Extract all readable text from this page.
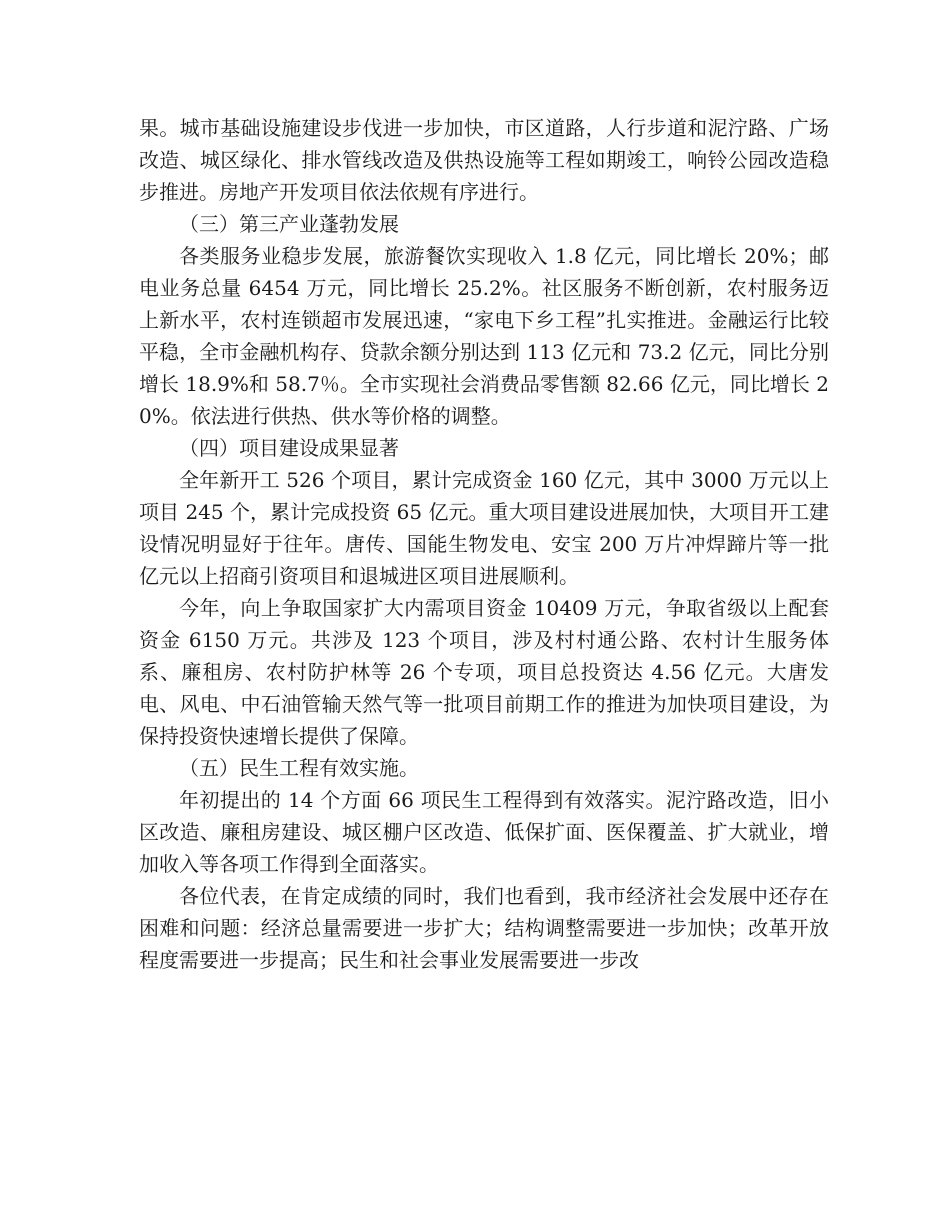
果。城市基础设施建设步伐进一步加快，市区道路，人行步道和泥泞路、广场改造、城区绿化、排水管线改造及供热设施等工程如期竣工，响铃公园改造稳步推进。房地产开发项目依法依规有序进行。

（三）第三产业蓬勃发展

各类服务业稳步发展，旅游餐饮实现收入 1.8 亿元，同比增长 20%；邮电业务总量 6454 万元，同比增长 25.2%。社区服务不断创新，农村服务迈上新水平，农村连锁超市发展迅速，“家电下乡工程”扎实推进。金融运行比较平稳，全市金融机构存、贷款余额分别达到 113 亿元和 73.2 亿元，同比分别增长 18.9%和 58.7％。全市实现社会消费品零售额 82.66 亿元，同比增长 20%。依法进行供热、供水等价格的调整。

（四）项目建设成果显著

全年新开工 526 个项目，累计完成资金 160 亿元，其中 3000 万元以上项目 245 个，累计完成投资 65 亿元。重大项目建设进展加快，大项目开工建设情况明显好于往年。唐传、国能生物发电、安宝 200 万片冲焊蹄片等一批亿元以上招商引资项目和退城进区项目进展顺利。

今年，向上争取国家扩大内需项目资金 10409 万元，争取省级以上配套资金 6150 万元。共涉及 123 个项目，涉及村村通公路、农村计生服务体系、廉租房、农村防护林等 26 个专项，项目总投资达 4.56 亿元。大唐发电、风电、中石油管输天然气等一批项目前期工作的推进为加快项目建设，为保持投资快速增长提供了保障。

（五）民生工程有效实施。

年初提出的 14 个方面 66 项民生工程得到有效落实。泥泞路改造，旧小区改造、廉租房建设、城区棚户区改造、低保扩面、医保覆盖、扩大就业，增加收入等各项工作得到全面落实。

各位代表，在肯定成绩的同时，我们也看到，我市经济社会发展中还存在困难和问题：经济总量需要进一步扩大；结构调整需要进一步加快；改革开放程度需要进一步提高；民生和社会事业发展需要进一步改
